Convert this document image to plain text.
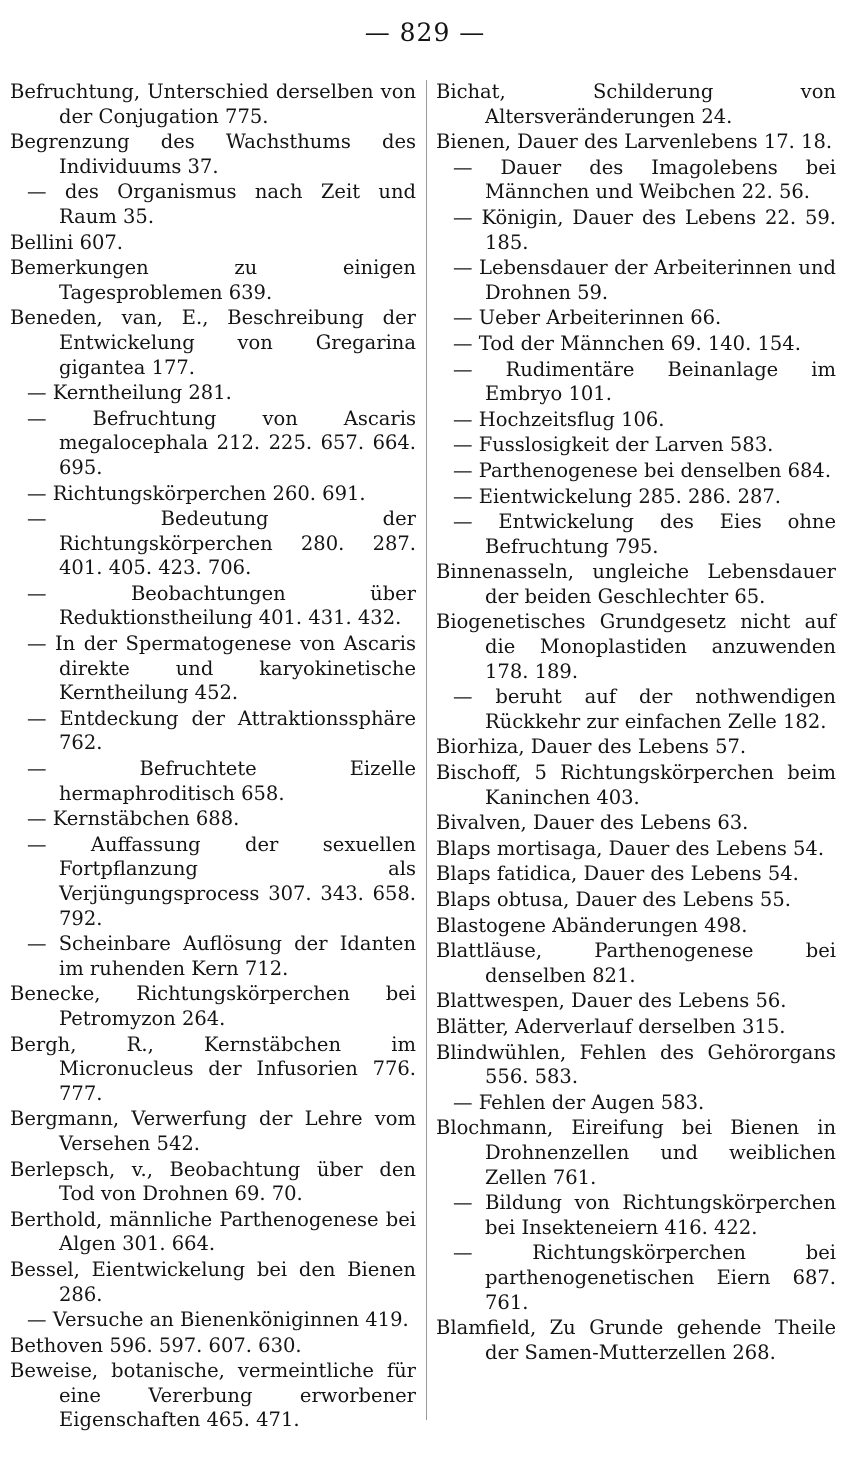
— 829 —

Befruchtung, Unterschied derselben von der Conjugation 775.

Begrenzung des Wachsthums des Individuums 37.

— des Organismus nach Zeit und Raum 35.

Bellini 607.

Bemerkungen zu einigen Tagesproblemen 639.

Beneden, van, E., Beschreibung der Entwickelung von Gregarina gigantea 177.

— Kerntheilung 281.

— Befruchtung von Ascaris megalocephala 212. 225. 657. 664. 695.

— Richtungskörperchen 260. 691.

— Bedeutung der Richtungskörperchen 280. 287. 401. 405. 423. 706.

— Beobachtungen über Reduktionstheilung 401. 431. 432.

— In der Spermatogenese von Ascaris direkte und karyokinetische Kerntheilung 452.

— Entdeckung der Attraktionssphäre 762.

— Befruchtete Eizelle hermaphroditisch 658.

— Kernstäbchen 688.

— Auffassung der sexuellen Fortpflanzung als Verjüngungsprocess 307. 343. 658. 792.

— Scheinbare Auflösung der Idanten im ruhenden Kern 712.

Benecke, Richtungskörperchen bei Petromyzon 264.

Bergh, R., Kernstäbchen im Micronucleus der Infusorien 776. 777.

Bergmann, Verwerfung der Lehre vom Versehen 542.

Berlepsch, v., Beobachtung über den Tod von Drohnen 69. 70.

Berthold, männliche Parthenogenese bei Algen 301. 664.

Bessel, Eientwickelung bei den Bienen 286.

— Versuche an Bienenköniginnen 419.

Bethoven 596. 597. 607. 630.

Beweise, botanische, vermeintliche für eine Vererbung erworbener Eigenschaften 465. 471.

Bichat, Schilderung von Altersveränderungen 24.

Bienen, Dauer des Larvenlebens 17. 18.

— Dauer des Imagolebens bei Männchen und Weibchen 22. 56.

— Königin, Dauer des Lebens 22. 59. 185.

— Lebensdauer der Arbeiterinnen und Drohnen 59.

— Ueber Arbeiterinnen 66.

— Tod der Männchen 69. 140. 154.

— Rudimentäre Beinanlage im Embryo 101.

— Hochzeitsflug 106.

— Fusslosigkeit der Larven 583.

— Parthenogenese bei denselben 684.

— Eientwickelung 285. 286. 287.

— Entwickelung des Eies ohne Befruchtung 795.

Binnenasseln, ungleiche Lebensdauer der beiden Geschlechter 65.

Biogenetisches Grundgesetz nicht auf die Monoplastiden anzuwenden 178. 189.

— beruht auf der nothwendigen Rückkehr zur einfachen Zelle 182.

Biorhiza, Dauer des Lebens 57.

Bischoff, 5 Richtungskörperchen beim Kaninchen 403.

Bivalven, Dauer des Lebens 63.

Blaps mortisaga, Dauer des Lebens 54.

Blaps fatidica, Dauer des Lebens 54.

Blaps obtusa, Dauer des Lebens 55.

Blastogene Abänderungen 498.

Blattläuse, Parthenogenese bei denselben 821.

Blattwespen, Dauer des Lebens 56.

Blätter, Aderverlauf derselben 315.

Blindwühlen, Fehlen des Gehörorgans 556. 583.

— Fehlen der Augen 583.

Blochmann, Eireifung bei Bienen in Drohnenzellen und weiblichen Zellen 761.

— Bildung von Richtungskörperchen bei Insekteneiern 416. 422.

— Richtungskörperchen bei parthenogenetischen Eiern 687. 761.

Blamfield, Zu Grunde gehende Theile der Samen-Mutterzellen 268.
